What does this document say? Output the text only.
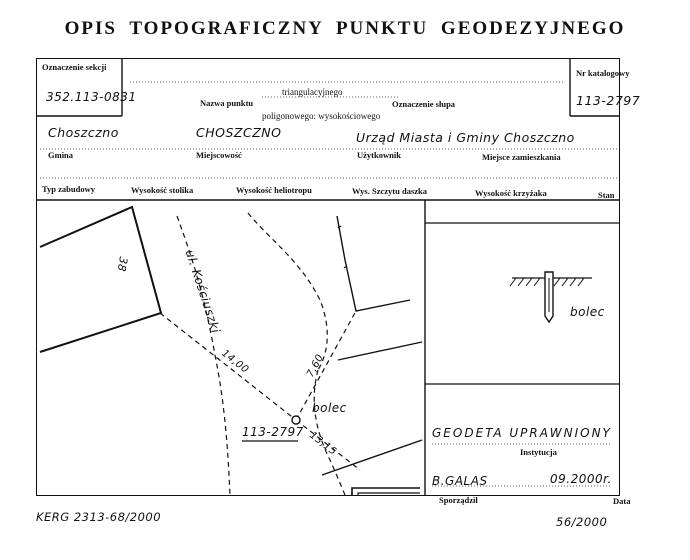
OPIS TOPOGRAFICZNY PUNKTU GEODEZYJNEGO
Oznaczenie sekcji
352.113-0831
Nr katalogowy
113-2797
triangulacyjnego
Nazwa punktu	Oznaczenie słupa
poligonowego: wysokościowego
Choszczno	CHOSZCZNO	Urząd Miasta i Gminy Choszczno
Gmina	Miejscowość	Użytkownik	Miejsce zamieszkania
Typ zabudowy	Wysokość stolika	Wysokość heliotropu	Wys. Szczytu daszka	Wysokość krzyżaka	Stan
ul. Kościuszki
38
14,00	7,60
13,15
bolec
113-2797
bolec
GEODETA UPRAWNIONY
Instytucja
B.GALAS	09.2000r.
Sporządził	Data
KERG 2313-68/2000	56/2000
